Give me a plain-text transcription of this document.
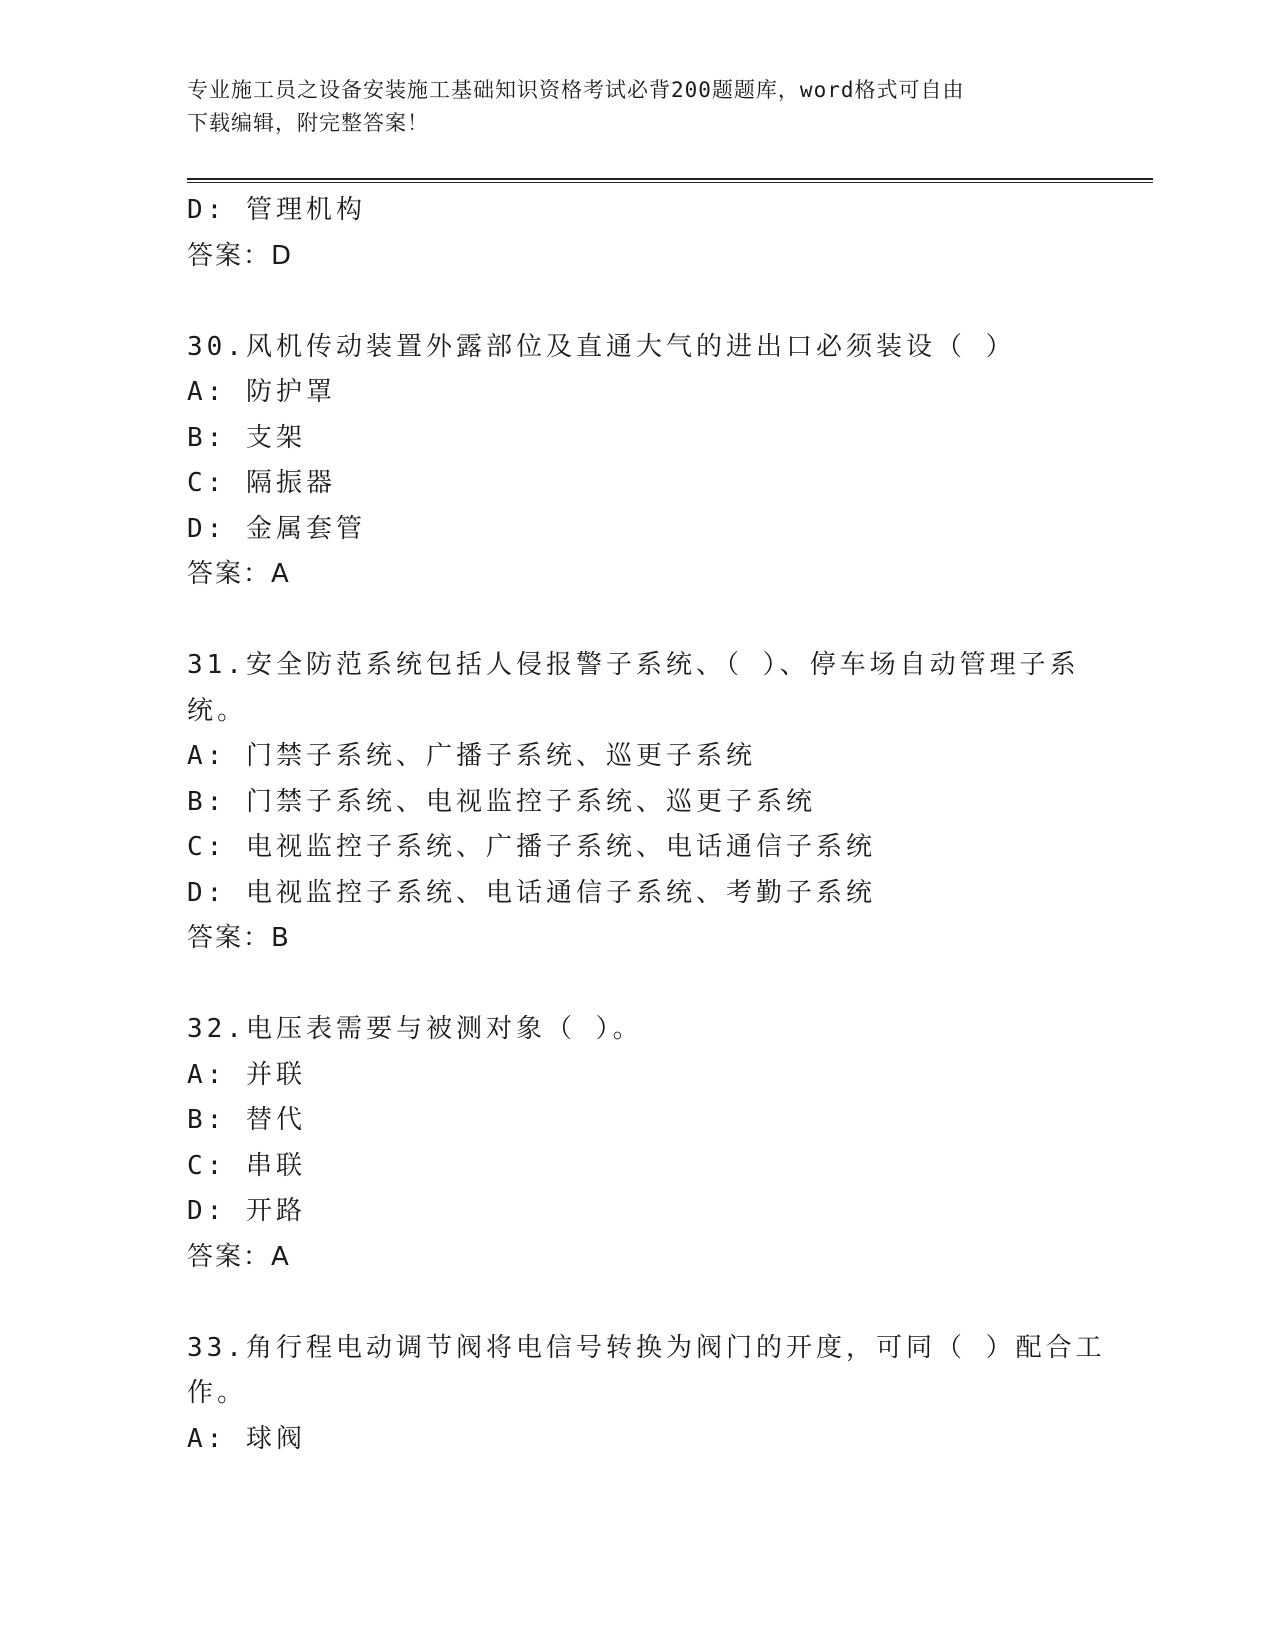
专业施工员之设备安装施工基础知识资格考试必背200题题库，word格式可自由
下载编辑，附完整答案！
D: 管理机构
答案：D
30.风机传动装置外露部位及直通大气的进出口必须装设（ ）
A: 防护罩
B: 支架
C: 隔振器
D: 金属套管
答案：A
31.安全防范系统包括人侵报警子系统、（ ）、停车场自动管理子系
统。
A: 门禁子系统、广播子系统、巡更子系统
B: 门禁子系统、电视监控子系统、巡更子系统
C: 电视监控子系统、广播子系统、电话通信子系统
D: 电视监控子系统、电话通信子系统、考勤子系统
答案：B
32.电压表需要与被测对象（ ）。
A: 并联
B: 替代
C: 串联
D: 开路
答案：A
33.角行程电动调节阀将电信号转换为阀门的开度，可同（ ）配合工
作。
A: 球阀
